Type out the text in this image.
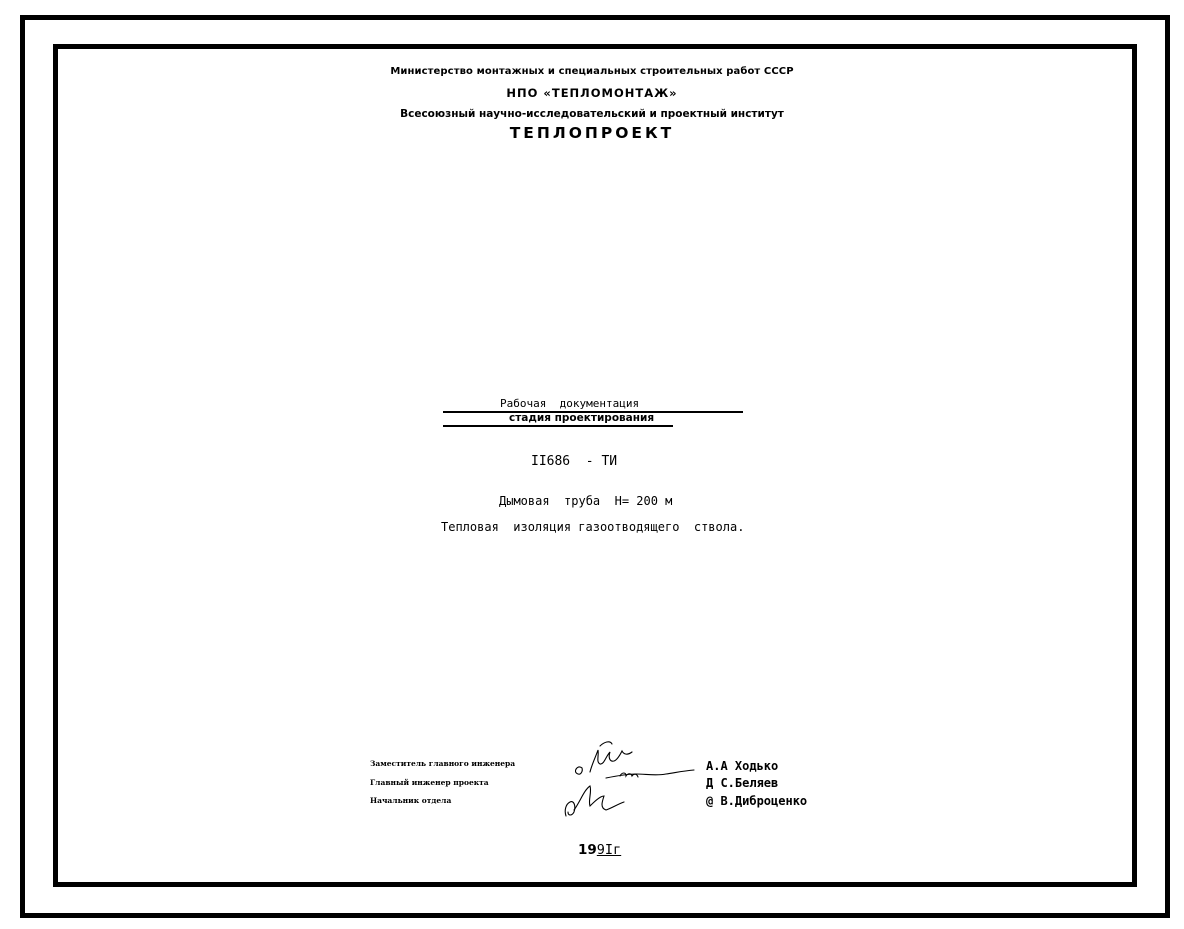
Министерство монтажных и специальных строительных работ СССР
НПО «ТЕПЛОМОНТАЖ»
Всесоюзный научно-исследовательский и проектный институт
ТЕПЛОПРОЕКТ
Рабочая  документация
стадия проектирования
II686  - ТИ
Дымовая  труба  Н= 200 м
Тепловая  изоляция газоотводящего  ствола.
Заместитель главного инженера
Главный инженер проекта
Начальник отдела
А.А Ходько
Д С.Беляев
@ В.Диброценко
199Iг
